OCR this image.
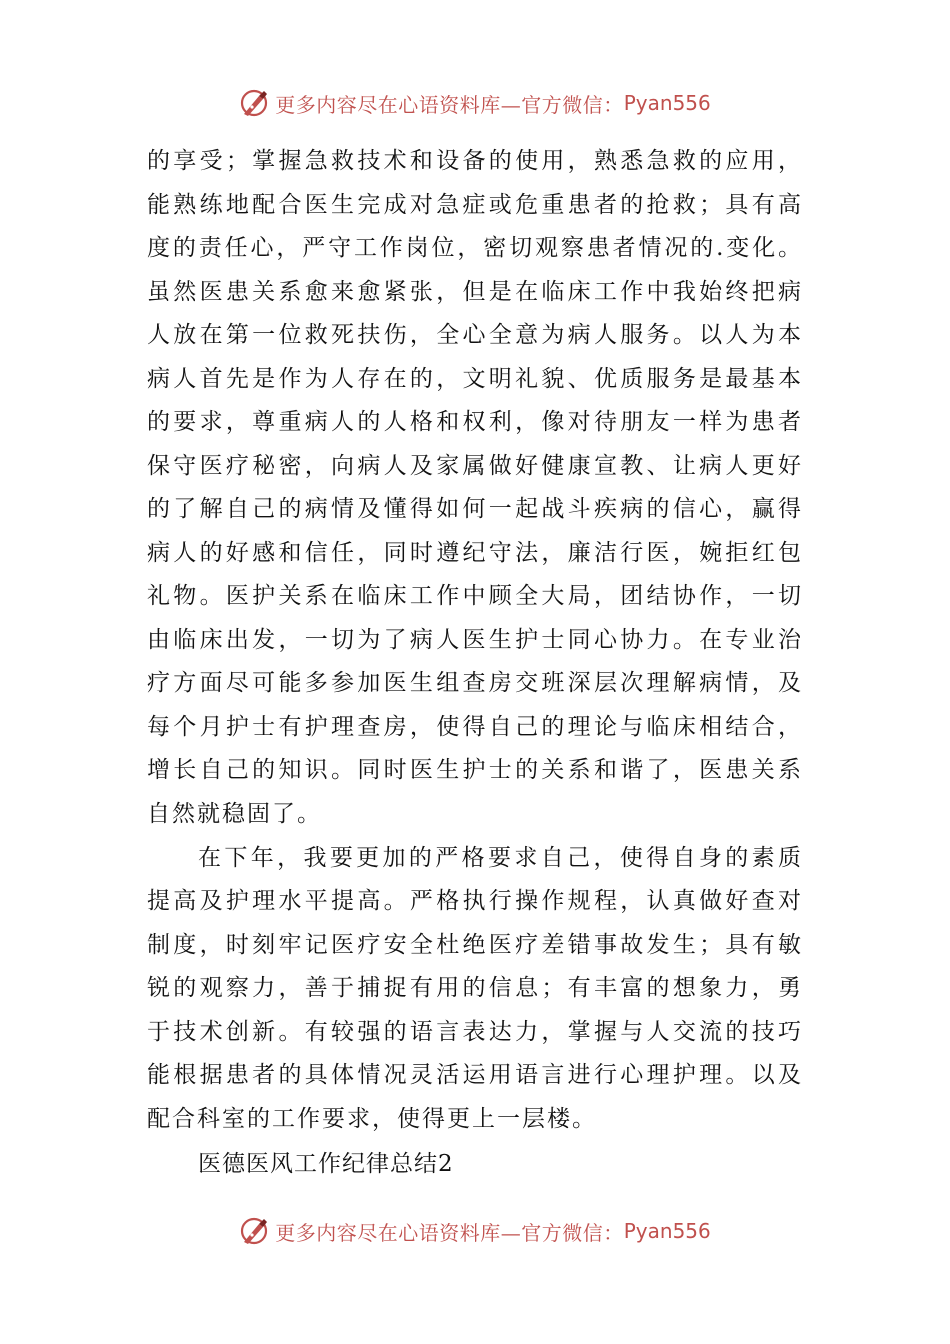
更多内容尽在心语资料库—官方微信： Pyan556
的享受；掌握急救技术和设备的使用，熟悉急救的应用，
能熟练地配合医生完成对急症或危重患者的抢救；具有高
度的责任心，严守工作岗位，密切观察患者情况的.变化。
虽然医患关系愈来愈紧张，但是在临床工作中我始终把病
人放在第一位救死扶伤，全心全意为病人服务。以人为本
病人首先是作为人存在的，文明礼貌、优质服务是最基本
的要求，尊重病人的人格和权利，像对待朋友一样为患者
保守医疗秘密，向病人及家属做好健康宣教、让病人更好
的了解自己的病情及懂得如何一起战斗疾病的信心，赢得
病人的好感和信任，同时遵纪守法，廉洁行医，婉拒红包
礼物。医护关系在临床工作中顾全大局，团结协作，一切
由临床出发，一切为了病人医生护士同心协力。在专业治
疗方面尽可能多参加医生组查房交班深层次理解病情，及
每个月护士有护理查房，使得自己的理论与临床相结合，
增长自己的知识。同时医生护士的关系和谐了，医患关系
自然就稳固了。
在下年，我要更加的严格要求自己，使得自身的素质
提高及护理水平提高。严格执行操作规程，认真做好查对
制度，时刻牢记医疗安全杜绝医疗差错事故发生；具有敏
锐的观察力，善于捕捉有用的信息；有丰富的想象力，勇
于技术创新。有较强的语言表达力，掌握与人交流的技巧
能根据患者的具体情况灵活运用语言进行心理护理。以及
配合科室的工作要求，使得更上一层楼。
医德医风工作纪律总结2
更多内容尽在心语资料库—官方微信： Pyan556
